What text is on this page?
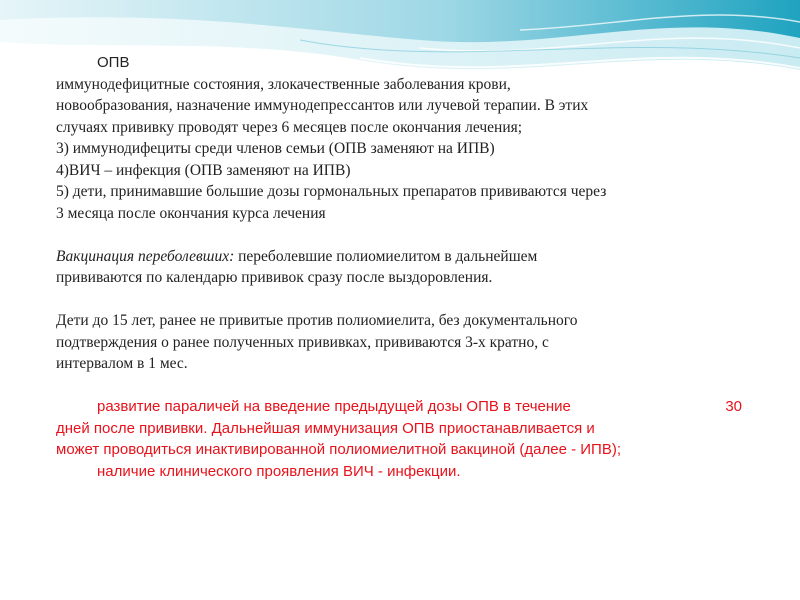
ОПВ
иммунодефицитные состояния, злокачественные заболевания крови,
новообразования, назначение иммунодепрессантов или лучевой терапии. В этих
случаях прививку проводят через 6 месяцев после окончания лечения;
3) иммунодифециты среди членов семьи (ОПВ заменяют на ИПВ)
4)ВИЧ – инфекция (ОПВ заменяют на ИПВ)
5) дети, принимавшие большие дозы гормональных препаратов прививаются через
3 месяца после окончания курса лечения
Вакцинация переболевших: переболевшие полиомиелитом в дальнейшем
прививаются по календарю прививок сразу после выздоровления.
Дети до 15 лет, ранее не привитые против полиомиелита, без документального
подтверждения о ранее полученных прививках, прививаются 3-х кратно, с
интервалом в 1 мес.
развитие параличей на введение предыдущей дозы ОПВ в течение	30
дней после прививки. Дальнейшая иммунизация ОПВ приостанавливается и
может проводиться инактивированной полиомиелитной вакциной (далее - ИПВ);
наличие клинического проявления ВИЧ - инфекции.
